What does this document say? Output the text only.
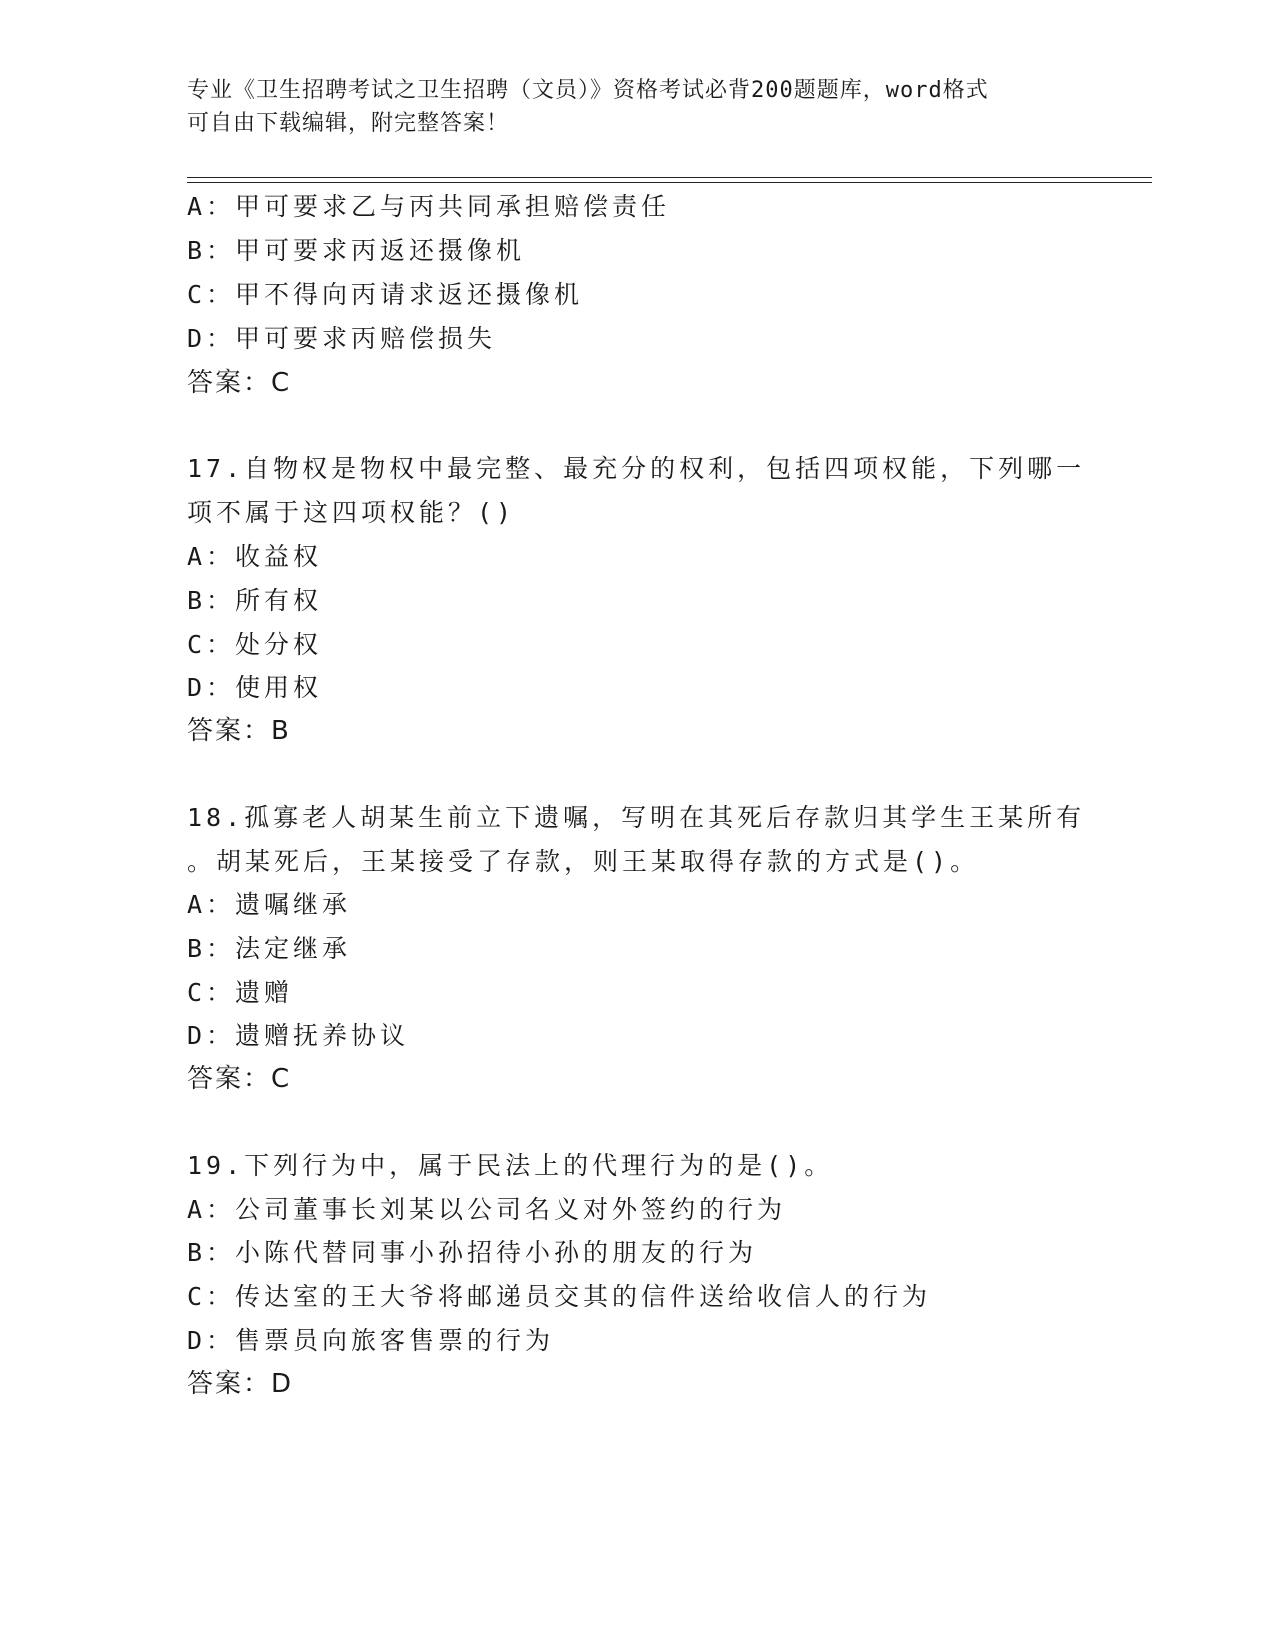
专业《卫生招聘考试之卫生招聘（文员）》资格考试必背200题题库，word格式
可自由下载编辑，附完整答案！
A：甲可要求乙与丙共同承担赔偿责任
B：甲可要求丙返还摄像机
C：甲不得向丙请求返还摄像机
D：甲可要求丙赔偿损失
答案：C
17.自物权是物权中最完整、最充分的权利，包括四项权能，下列哪一
项不属于这四项权能？()
A：收益权
B：所有权
C：处分权
D：使用权
答案：B
18.孤寡老人胡某生前立下遗嘱，写明在其死后存款归其学生王某所有
。胡某死后，王某接受了存款，则王某取得存款的方式是()。
A：遗嘱继承
B：法定继承
C：遗赠
D：遗赠抚养协议
答案：C
19.下列行为中，属于民法上的代理行为的是()。
A：公司董事长刘某以公司名义对外签约的行为
B：小陈代替同事小孙招待小孙的朋友的行为
C：传达室的王大爷将邮递员交其的信件送给收信人的行为
D：售票员向旅客售票的行为
答案：D
